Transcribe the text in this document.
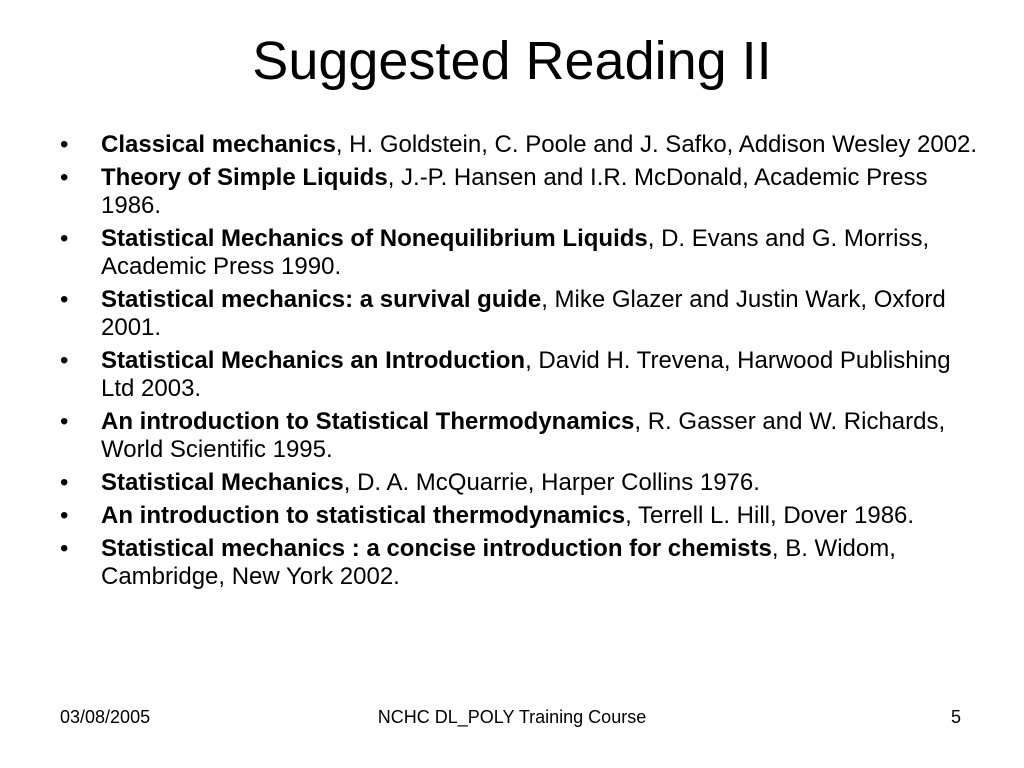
Suggested Reading II
•	Classical mechanics, H. Goldstein, C. Poole and J. Safko, Addison Wesley 2002.
•	Theory of Simple Liquids, J.-P. Hansen and I.R. McDonald, Academic Press 1986.
•	Statistical Mechanics of Nonequilibrium Liquids, D. Evans and G. Morriss, Academic Press 1990.
•	Statistical mechanics: a survival guide, Mike Glazer and Justin Wark, Oxford 2001.
•	Statistical Mechanics an Introduction, David H. Trevena, Harwood Publishing Ltd 2003.
•	An introduction to Statistical Thermodynamics, R. Gasser and W. Richards, World Scientific 1995.
•	Statistical Mechanics, D. A. McQuarrie, Harper Collins 1976.
•	An introduction to statistical thermodynamics, Terrell L. Hill, Dover 1986.
•	Statistical mechanics : a concise introduction for chemists, B. Widom, Cambridge, New York 2002.
03/08/2005	NCHC DL_POLY Training Course	5
